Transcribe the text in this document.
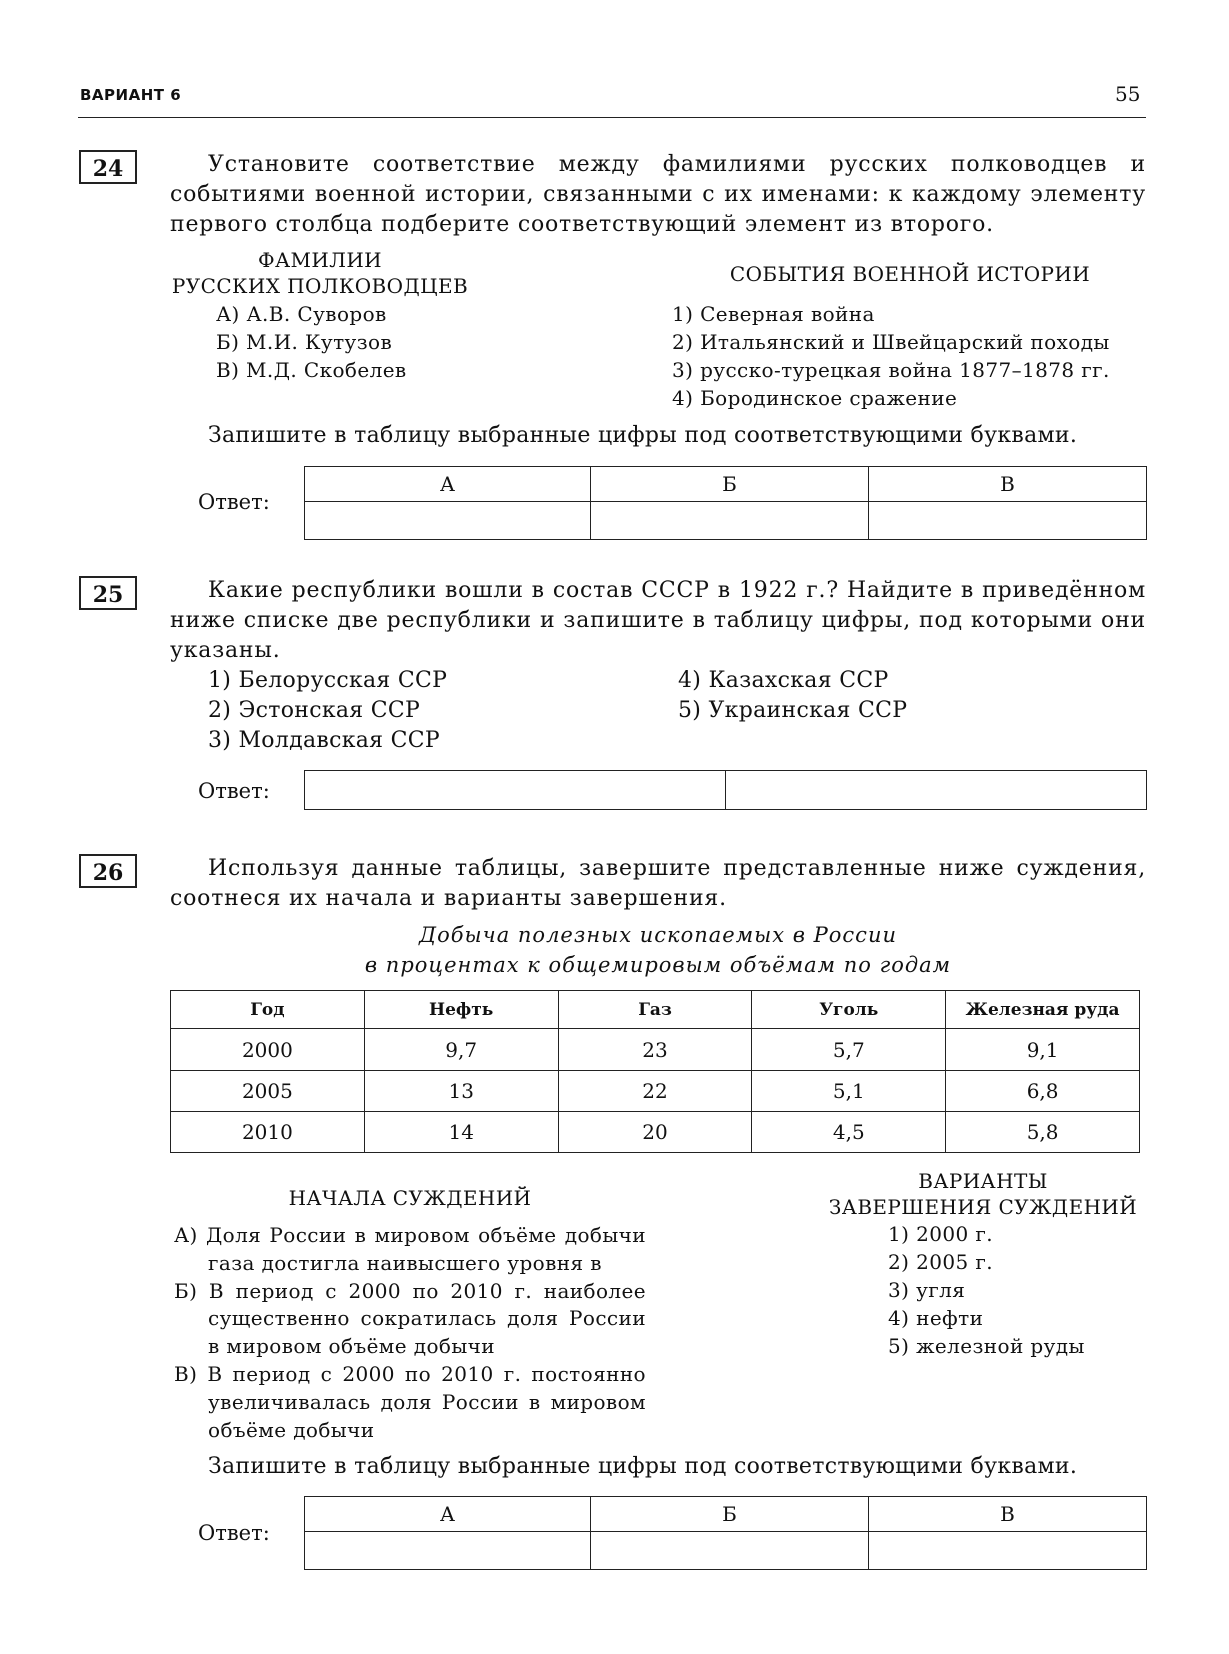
ВАРИАНТ 6	55
24	Установите соответствие между фамилиями русских полководцев и событиями военной истории, связанными с их именами: к каждому элементу первого столбца подберите соответствующий элемент из второго.
ФАМИЛИИ
РУССКИХ ПОЛКОВОДЦЕВ
А) А.В. Суворов
Б) М.И. Кутузов
В) М.Д. Скобелев
СОБЫТИЯ ВОЕННОЙ ИСТОРИИ
1) Северная война
2) Итальянский и Швейцарский походы
3) русско-турецкая война 1877–1878 гг.
4) Бородинское сражение
Запишите в таблицу выбранные цифры под соответствующими буквами.
Ответ:
А	Б	В

25	Какие республики вошли в состав СССР в 1922 г.? Найдите в приведённом ниже списке две республики и запишите в таблицу цифры, под которыми они указаны.
1) Белорусская ССР
2) Эстонская ССР
3) Молдавская ССР
4) Казахская ССР
5) Украинская ССР
Ответ:

26	Используя данные таблицы, завершите представленные ниже суждения, соотнеся их начала и варианты завершения.
Добыча полезных ископаемых в России
в процентах к общемировым объёмам по годам
Год	Нефть	Газ	Уголь	Железная руда
2000	9,7	23	5,7	9,1
2005	13	22	5,1	6,8
2010	14	20	4,5	5,8
НАЧАЛА СУЖДЕНИЙ
А) Доля России в мировом объёме добычи газа достигла наивысшего уровня в
Б) В период с 2000 по 2010 г. наиболее существенно сократилась доля России в мировом объёме добычи
В) В период с 2000 по 2010 г. постоянно увеличивалась доля России в мировом объёме добычи
ВАРИАНТЫ
ЗАВЕРШЕНИЯ СУЖДЕНИЙ
1) 2000 г.
2) 2005 г.
3) угля
4) нефти
5) железной руды
Запишите в таблицу выбранные цифры под соответствующими буквами.
Ответ:
А	Б	В
